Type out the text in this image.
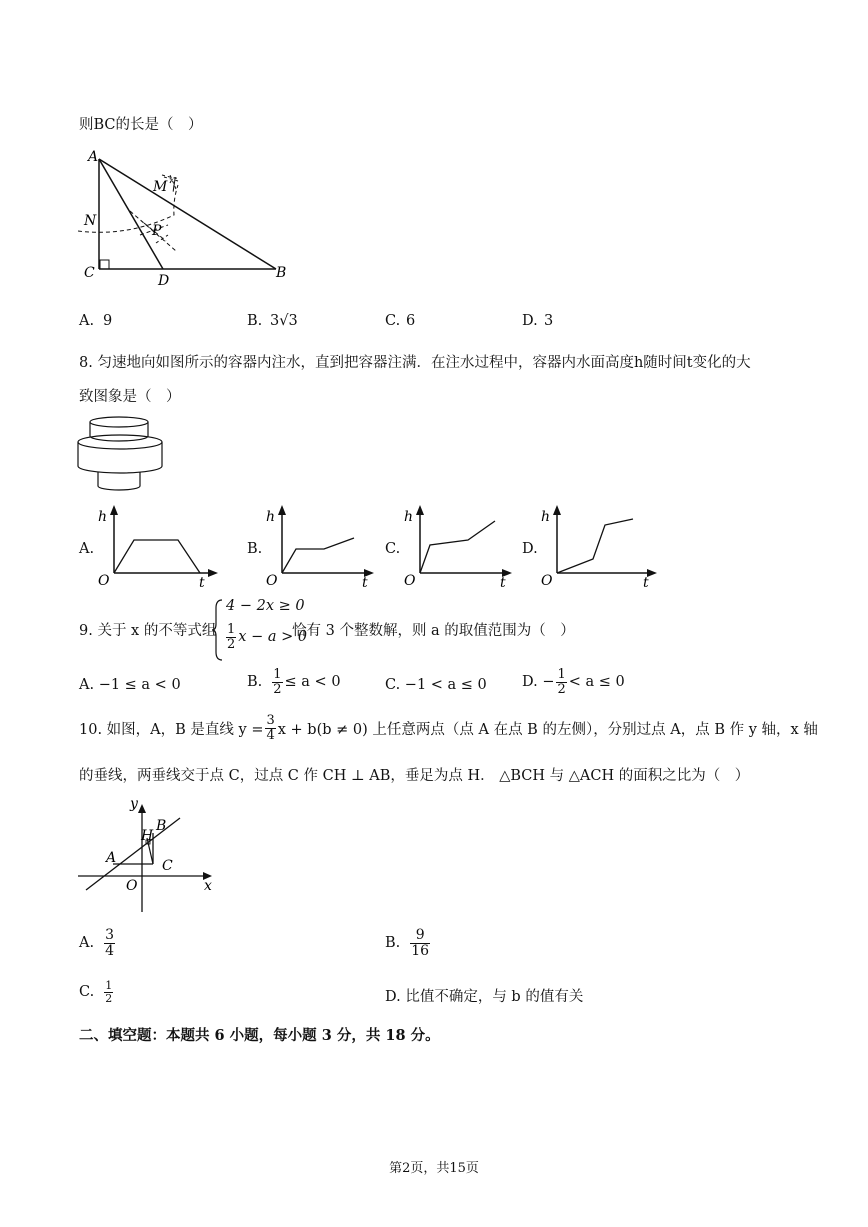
则BC的长是（　）
A
M
N
P
C	D	B
A. 9	B. 3√3	C. 6	D. 3
8. 匀速地向如图所示的容器内注水，直到把容器注满．在注水过程中，容器内水面高度h随时间t变化的大
致图象是（　）
A.
h
O	t
B.
h
O	t
C.
h
O	t
D.
h
O	t
9. 关于 x 的不等式组
4 − 2x ≥ 0
$\frac{1}{2}$ x − a > 0
恰有 3 个整数解，则 a 的取值范围为（　）
A. −1 ≤ a < 0	B. $\frac{1}{2} \le a < 0$	C. −1 < a ≤ 0 D. − $\frac{1}{2} < a \le 0$
10. 如图，A，B 是直线 $y = \frac{3}{4}$ x + b(b ≠ 0) 上任意两点（点 A 在点 B 的左侧），分别过点 A，点 B 作 y 轴，x 轴
的垂线，两垂线交于点 C，过点 C 作 CH ⊥ AB，垂足为点 H． △BCH 与 △ACH 的面积之比为（　）
y
x
O
A
B
H
C
A. $\frac{3}{4}$	B. $\frac{9}{16}$
C. $\frac{1}{2}$	D. 比值不确定，与 b 的值有关
二、填空题：本题共 6 小题，每小题 3 分，共 18 分。
第2页，共15页
